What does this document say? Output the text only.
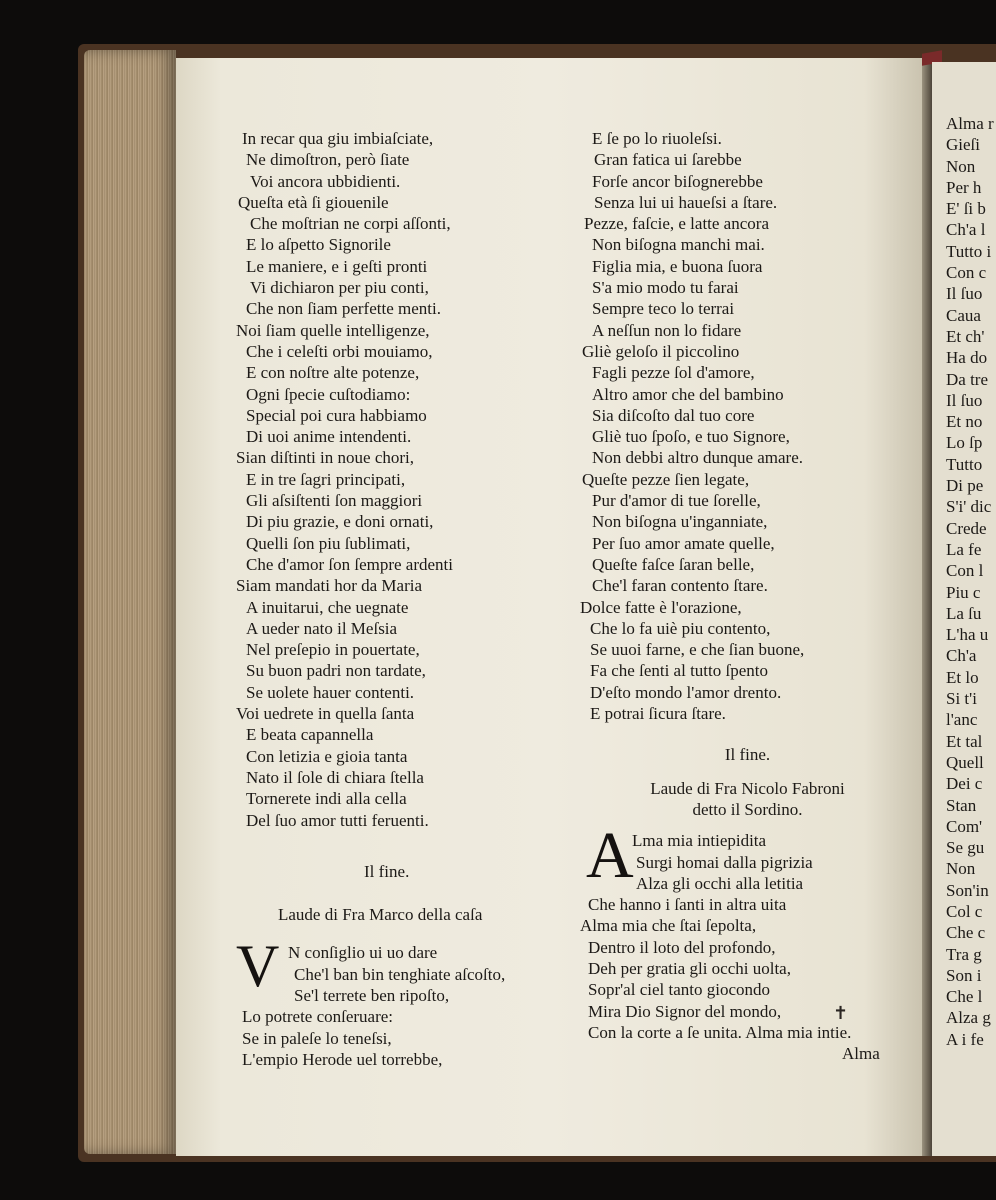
Alma r
Gieſi
Non
Per h
E' ſi b
Ch'a l
Tutto i
Con c
Il ſuo
Caua
Et ch'
Ha do
Da tre
Il ſuo
Et no
Lo ſp
Tutto
Di pe
S'i' dic
Crede
La fe
Con l
Piu c
La ſu
L'ha u
Ch'a
Et lo
Si t'i
l'anc
Et tal
Quell
Dei c
Stan
Com'
Se gu
Non
Son'in
Col c
Che c
Tra g
Son i
Che l
Alza g
A i fe
In recar qua giu imbiaſciate,
Ne dimoſtron, però ſiate
Voi ancora ubbidienti.
Queſta età ſi giouenile
Che moſtrian ne corpi aſſonti,
E lo aſpetto Signorile
Le maniere, e i geſti pronti
Vi dichiaron per piu conti,
Che non ſiam perfette menti.
Noi ſiam quelle intelligenze,
Che i celeſti orbi mouiamo,
E con noſtre alte potenze,
Ogni ſpecie cuſtodiamo:
Special poi cura habbiamo
Di uoi anime intendenti.
Sian diſtinti in noue chori,
E in tre ſagri principati,
Gli aſsiſtenti ſon maggiori
Di piu grazie, e doni ornati,
Quelli ſon piu ſublimati,
Che d'amor ſon ſempre ardenti
Siam mandati hor da Maria
A inuitarui, che uegnate
A ueder nato il Meſsia
Nel preſepio in pouertate,
Su buon padri non tardate,
Se uolete hauer contenti.
Voi uedrete in quella ſanta
E beata capannella
Con letizia e gioia tanta
Nato il ſole di chiara ſtella
Tornerete indi alla cella
Del ſuo amor tutti feruenti.
Il fine.
Laude di Fra Marco della caſa
V N conſiglio ui uo dare
Che'l ban bin tenghiate aſcoſto,
Se'l terrete ben ripoſto,
Lo potrete conſeruare:
Se in paleſe lo teneſsi,
L'empio Herode uel torrebbe,
E ſe po lo riuoleſsi.
Gran fatica ui ſarebbe
Forſe ancor biſognerebbe
Senza lui ui haueſsi a ſtare.
Pezze, faſcie, e latte ancora
Non biſogna manchi mai.
Figlia mia, e buona ſuora
S'a mio modo tu farai
Sempre teco lo terrai
A neſſun non lo fidare
Gliè geloſo il piccolino
Fagli pezze ſol d'amore,
Altro amor che del bambino
Sia diſcoſto dal tuo core
Gliè tuo ſpoſo, e tuo Signore,
Non debbi altro dunque amare.
Queſte pezze ſien legate,
Pur d'amor di tue ſorelle,
Non biſogna u'inganniate,
Per ſuo amor amate quelle,
Queſte faſce ſaran belle,
Che'l faran contento ſtare.
Dolce fatte è l'orazione,
Che lo fa uiè piu contento,
Se uuoi farne, e che ſian buone,
Fa che ſenti al tutto ſpento
D'eſto mondo l'amor drento.
E potrai ſicura ſtare.
Il fine.
Laude di Fra Nicolo Fabroni
detto il Sordino.
A
Lma mia intiepidita
Surgi homai dalla pigrizia
Alza gli occhi alla letitia
Che hanno i ſanti in altra uita
Alma mia che ſtai ſepolta,
Dentro il loto del profondo,
Deh per gratia gli occhi uolta,
Sopr'al ciel tanto giocondo
Mira Dio Signor del mondo,
Con la corte a ſe unita. Alma mia intie.
Alma
✝
